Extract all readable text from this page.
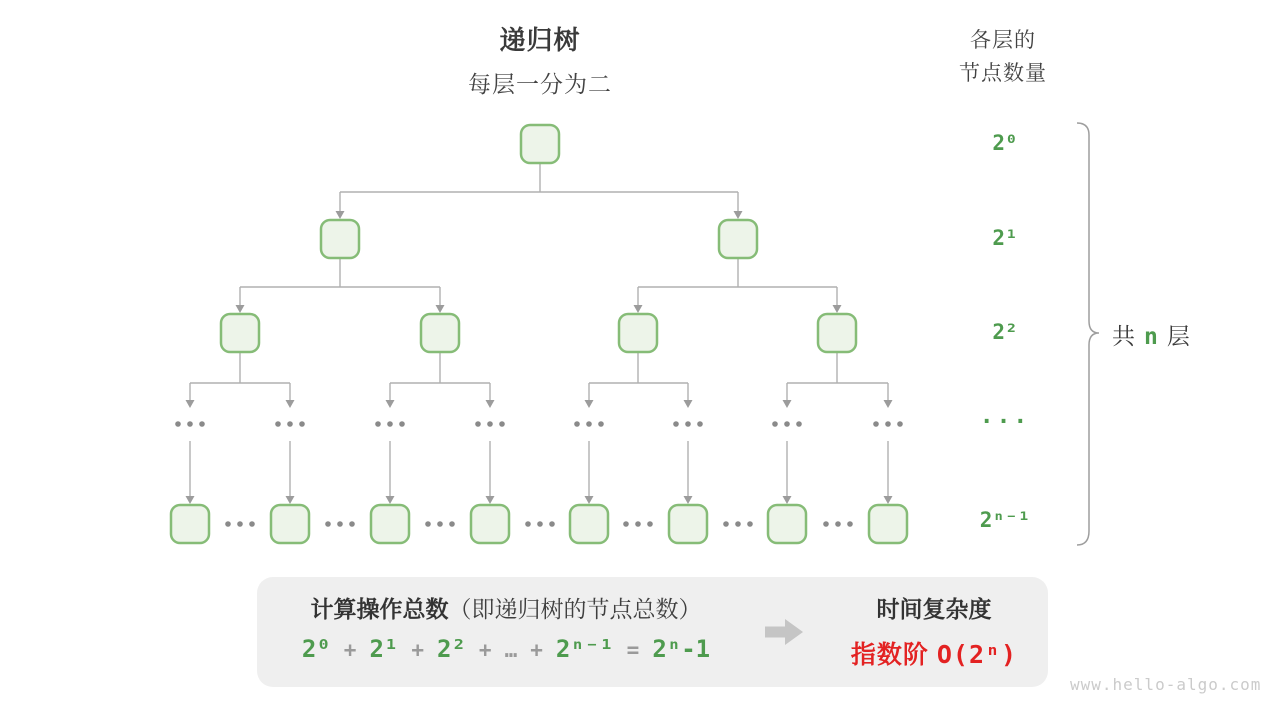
递归树
每层一分为二
各层的
节点数量
2⁰
2¹
2²
···
2ⁿ⁻¹
共 n 层
计算操作总数（即递归树的节点总数）
2⁰ + 2¹ + 2² + … + 2ⁿ⁻¹ = 2ⁿ-1
时间复杂度
指数阶 O(2ⁿ)
www.hello-algo.com
